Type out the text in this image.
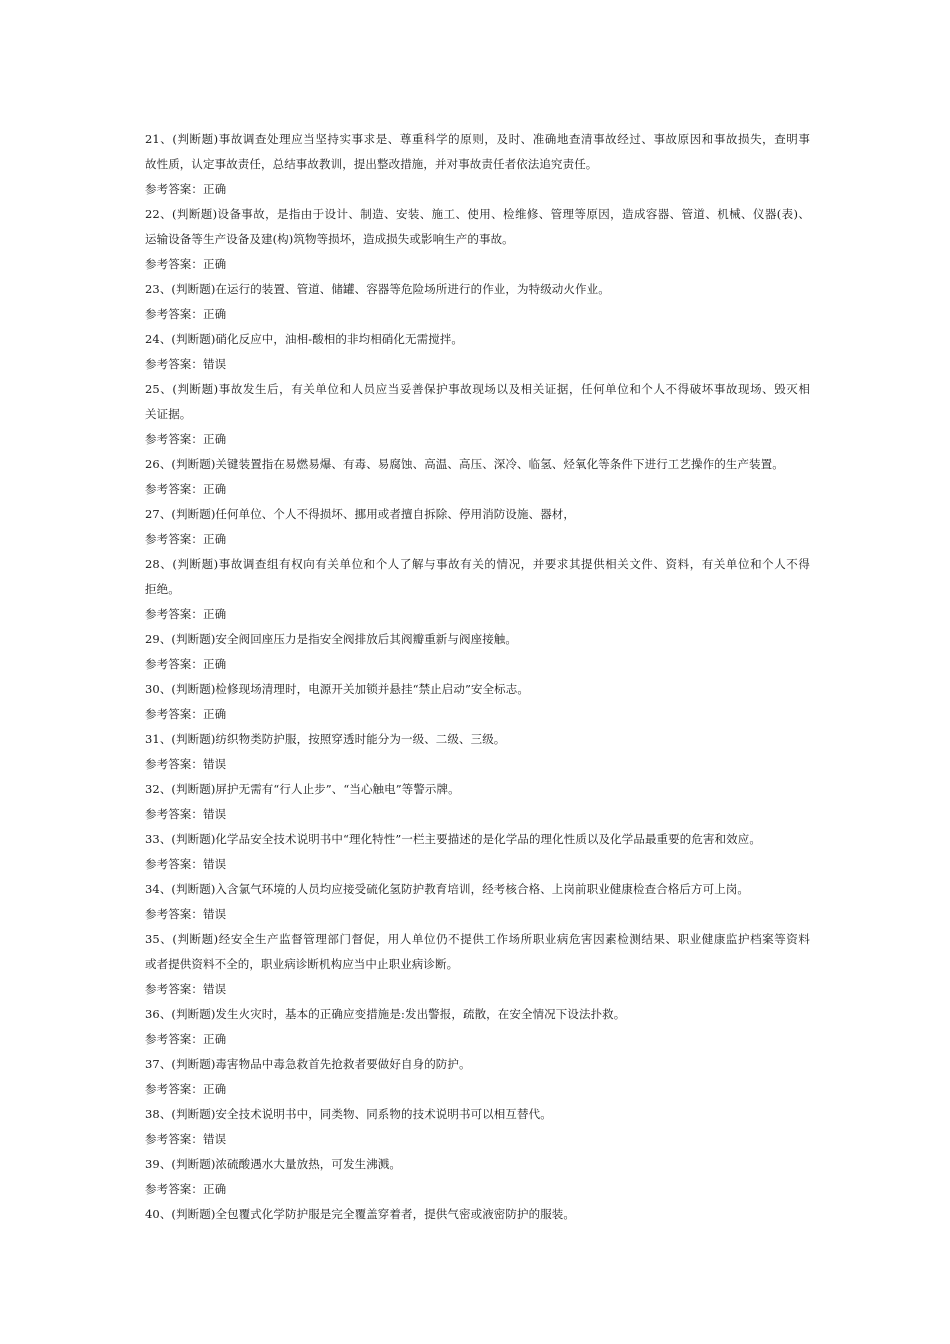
21、(判断题)事故调查处理应当坚持实事求是、尊重科学的原则，及时、准确地查清事故经过、事故原因和事故损失，查明事
故性质，认定事故责任，总结事故教训，提出整改措施，并对事故责任者依法追究责任。
参考答案：正确
22、(判断题)设备事故，是指由于设计、制造、安装、施工、使用、检维修、管理等原因，造成容器、管道、机械、仪器(表)、
运输设备等生产设备及建(构)筑物等损坏，造成损失或影响生产的事故。
参考答案：正确
23、(判断题)在运行的装置、管道、储罐、容器等危险场所进行的作业，为特级动火作业。
参考答案：正确
24、(判断题)硝化反应中，油相-酸相的非均相硝化无需搅拌。
参考答案：错误
25、(判断题)事故发生后，有关单位和人员应当妥善保护事故现场以及相关证据，任何单位和个人不得破坏事故现场、毁灭相
关证据。
参考答案：正确
26、(判断题)关键装置指在易燃易爆、有毒、易腐蚀、高温、高压、深冷、临氢、烃氧化等条件下进行工艺操作的生产装置。
参考答案：正确
27、(判断题)任何单位、个人不得损坏、挪用或者擅自拆除、停用消防设施、器材，
参考答案：正确
28、(判断题)事故调查组有权向有关单位和个人了解与事故有关的情况，并要求其提供相关文件、资料，有关单位和个人不得
拒绝。
参考答案：正确
29、(判断题)安全阀回座压力是指安全阀排放后其阀瓣重新与阀座接触。
参考答案：正确
30、(判断题)检修现场清理时，电源开关加锁并悬挂“禁止启动”安全标志。
参考答案：正确
31、(判断题)纺织物类防护服，按照穿透时能分为一级、二级、三级。
参考答案：错误
32、(判断题)屏护无需有“行人止步”、“当心触电”等警示牌。
参考答案：错误
33、(判断题)化学品安全技术说明书中“理化特性”一栏主要描述的是化学品的理化性质以及化学品最重要的危害和效应。
参考答案：错误
34、(判断题)入含氯气环境的人员均应接受硫化氢防护教育培训，经考核合格、上岗前职业健康检查合格后方可上岗。
参考答案：错误
35、(判断题)经安全生产监督管理部门督促，用人单位仍不提供工作场所职业病危害因素检测结果、职业健康监护档案等资料
或者提供资料不全的，职业病诊断机构应当中止职业病诊断。
参考答案：错误
36、(判断题)发生火灾时，基本的正确应变措施是:发出警报，疏散，在安全情况下设法扑救。
参考答案：正确
37、(判断题)毒害物品中毒急救首先抢救者要做好自身的防护。
参考答案：正确
38、(判断题)安全技术说明书中，同类物、同系物的技术说明书可以相互替代。
参考答案：错误
39、(判断题)浓硫酸遇水大量放热，可发生沸溅。
参考答案：正确
40、(判断题)全包覆式化学防护服是完全覆盖穿着者，提供气密或液密防护的服装。
